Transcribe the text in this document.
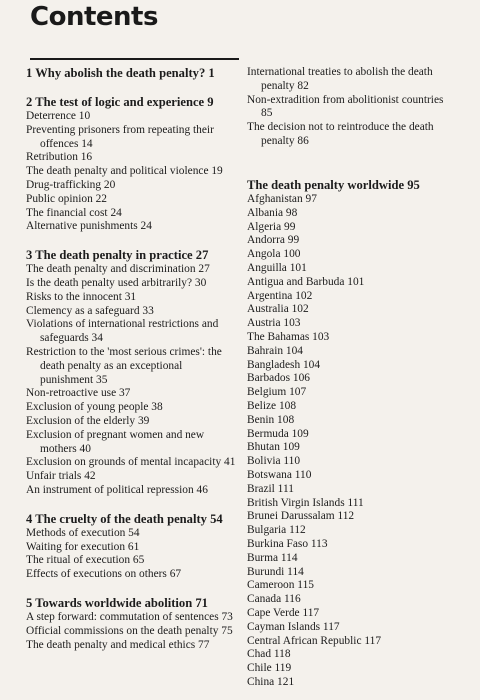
Contents
1 Why abolish the death penalty? 1
2 The test of logic and experience 9
Deterrence 10
Preventing prisoners from repeating their offences 14
Retribution 16
The death penalty and political violence 19
Drug-trafficking 20
Public opinion 22
The financial cost 24
Alternative punishments 24
3 The death penalty in practice 27
The death penalty and discrimination 27
Is the death penalty used arbitrarily? 30
Risks to the innocent 31
Clemency as a safeguard 33
Violations of international restrictions and safeguards 34
Restriction to the 'most serious crimes': the death penalty as an exceptional punishment 35
Non-retroactive use 37
Exclusion of young people 38
Exclusion of the elderly 39
Exclusion of pregnant women and new mothers 40
Exclusion on grounds of mental incapacity 41
Unfair trials 42
An instrument of political repression 46
4 The cruelty of the death penalty 54
Methods of execution 54
Waiting for execution 61
The ritual of execution 65
Effects of executions on others 67
5 Towards worldwide abolition 71
A step forward: commutation of sentences 73
Official commissions on the death penalty 75
The death penalty and medical ethics 77
International treaties to abolish the death penalty 82
Non-extradition from abolitionist countries 85
The decision not to reintroduce the death penalty 86
The death penalty worldwide 95
Afghanistan 97
Albania 98
Algeria 99
Andorra 99
Angola 100
Anguilla 101
Antigua and Barbuda 101
Argentina 102
Australia 102
Austria 103
The Bahamas 103
Bahrain 104
Bangladesh 104
Barbados 106
Belgium 107
Belize 108
Benin 108
Bermuda 109
Bhutan 109
Bolivia 110
Botswana 110
Brazil 111
British Virgin Islands 111
Brunei Darussalam 112
Bulgaria 112
Burkina Faso 113
Burma 114
Burundi 114
Cameroon 115
Canada 116
Cape Verde 117
Cayman Islands 117
Central African Republic 117
Chad 118
Chile 119
China 121
